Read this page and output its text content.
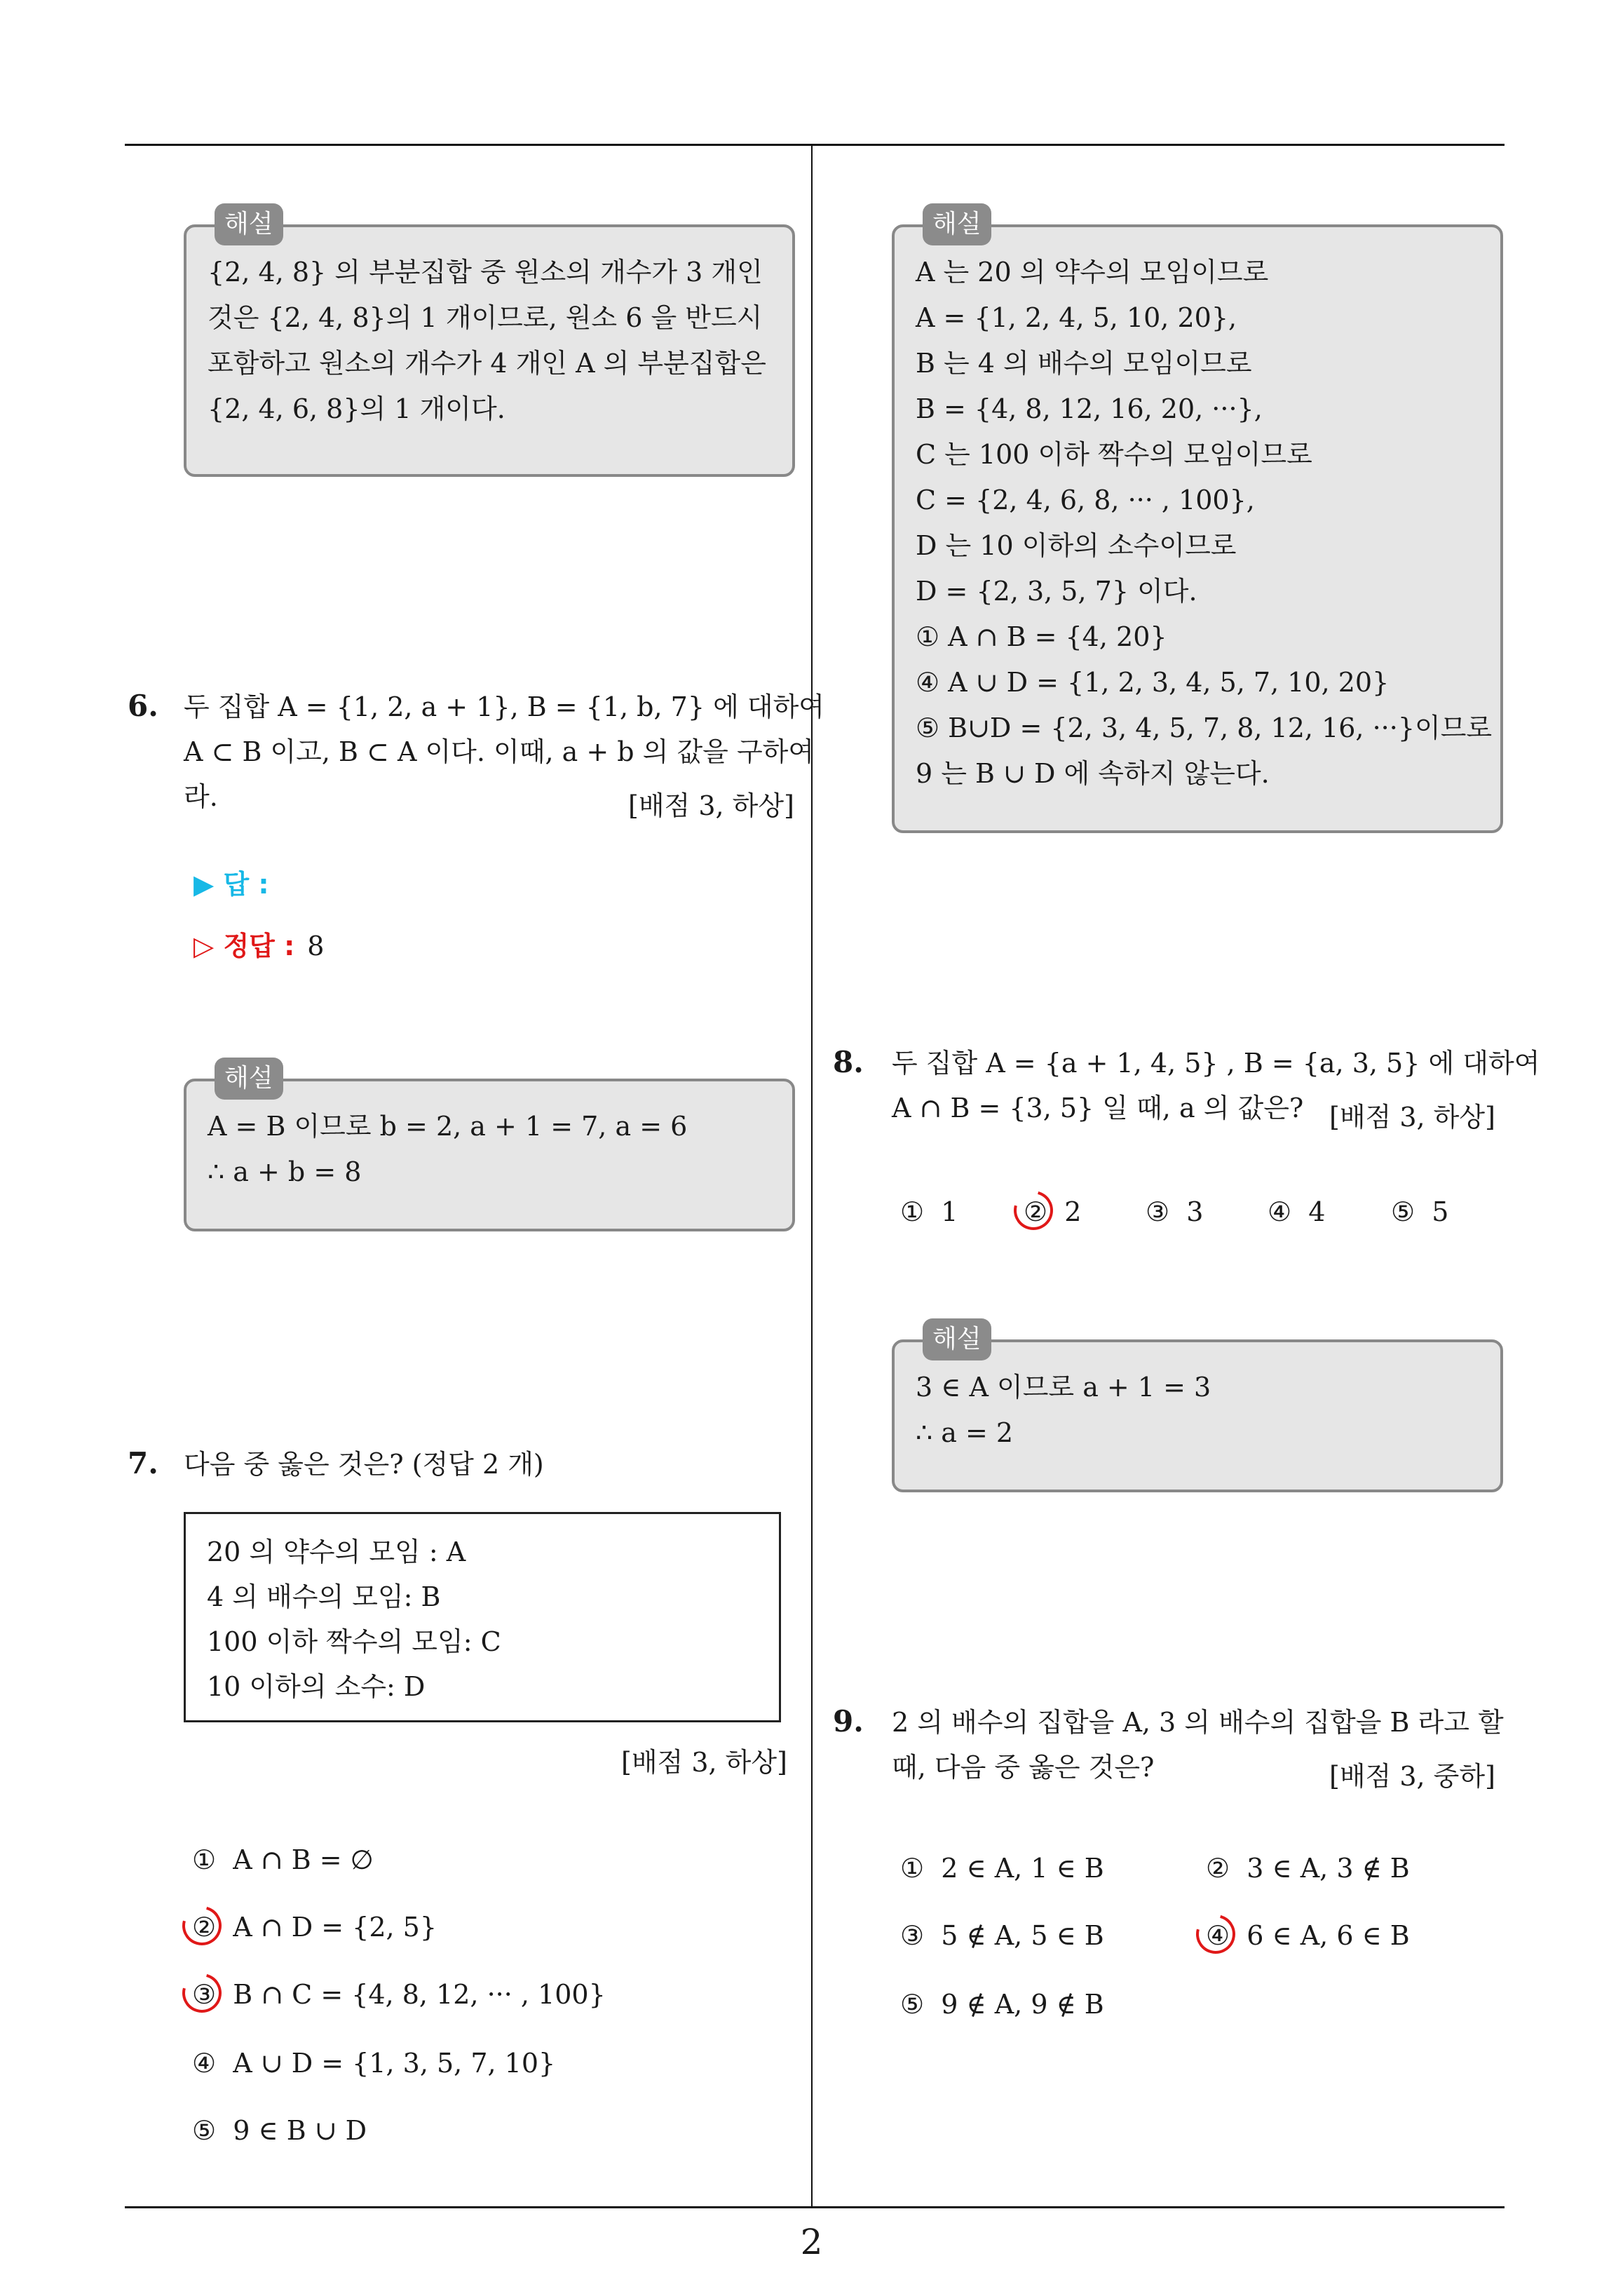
해설
{2, 4, 8} 의 부분집합 중 원소의 개수가 3 개인
것은 {2, 4, 8}의 1 개이므로, 원소 6 을 반드시
포함하고 원소의 개수가 4 개인 A 의 부분집합은
{2, 4, 6, 8}의 1 개이다.
6. 두 집합 A = {1, 2, a + 1}, B = {1, b, 7} 에 대하여
A ⊂ B 이고, B ⊂ A 이다. 이때, a + b 의 값을 구하여
라.	[배점 3, 하상]
▶ 답 :
▷ 정답 : 8
해설
A = B 이므로 b = 2, a + 1 = 7, a = 6
∴ a + b = 8
7. 다음 중 옳은 것은? (정답 2 개)
20 의 약수의 모임 : A
4 의 배수의 모임: B
100 이하 짝수의 모임: C
10 이하의 소수: D
[배점 3, 하상]
① A ∩ B = ∅
② A ∩ D = {2, 5}
③ B ∩ C = {4, 8, 12, ··· , 100}
④ A ∪ D = {1, 3, 5, 7, 10}
⑤ 9 ∈ B ∪ D
해설
A 는 20 의 약수의 모임이므로
A = {1, 2, 4, 5, 10, 20},
B 는 4 의 배수의 모임이므로
B = {4, 8, 12, 16, 20, ···},
C 는 100 이하 짝수의 모임이므로
C = {2, 4, 6, 8, ··· , 100},
D 는 10 이하의 소수이므로
D = {2, 3, 5, 7} 이다.
① A ∩ B = {4, 20}
④ A ∪ D = {1, 2, 3, 4, 5, 7, 10, 20}
⑤ B∪D = {2, 3, 4, 5, 7, 8, 12, 16, ···}이므로
9 는 B ∪ D 에 속하지 않는다.
8. 두 집합 A = {a + 1, 4, 5} , B = {a, 3, 5} 에 대하여
A ∩ B = {3, 5} 일 때, a 의 값은? [배점 3, 하상]
① 1 ② 2 ③ 3 ④ 4 ⑤ 5
해설
3 ∈ A 이므로 a + 1 = 3
∴ a = 2
9. 2 의 배수의 집합을 A, 3 의 배수의 집합을 B 라고 할
때, 다음 중 옳은 것은?	[배점 3, 중하]
① 2 ∈ A, 1 ∈ B	② 3 ∈ A, 3 ∉ B
③ 5 ∉ A, 5 ∈ B	④ 6 ∈ A, 6 ∈ B
⑤ 9 ∉ A, 9 ∉ B
2
